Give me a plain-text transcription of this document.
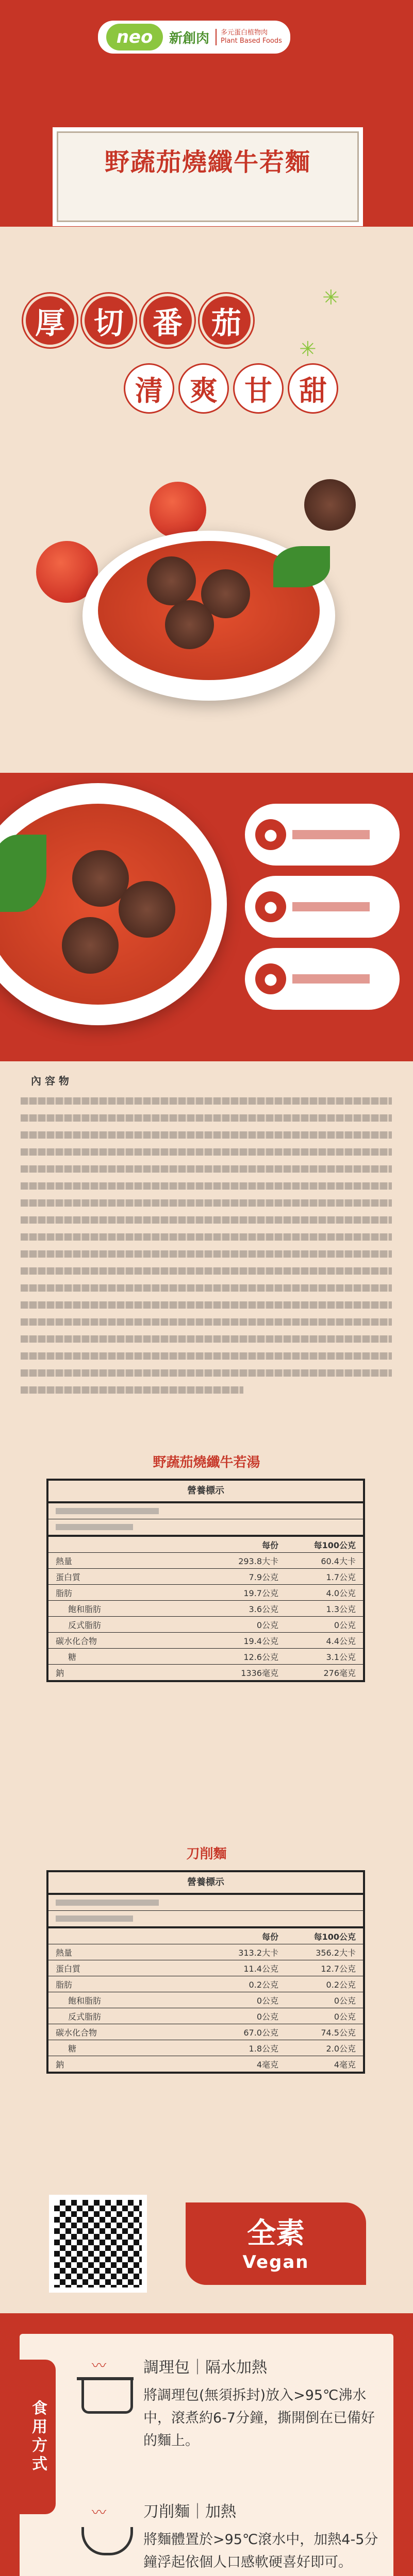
neo	新創肉 多元蛋白植物肉
Plant Based Foods
野蔬茄燒纖牛若麵
厚 切 番 茄
✳
✳
清 爽 甘 甜
●
●
●
內 容 物
野蔬茄燒纖牛若湯
營養標示
每份	每100公克
熱量	293.8大卡	60.4大卡
蛋白質	7.9公克	1.7公克
脂肪	19.7公克	4.0公克
飽和脂肪	3.6公克	1.3公克
反式脂肪	0公克	0公克
碳水化合物	19.4公克	4.4公克
糖	12.6公克	3.1公克
鈉	1336毫克	276毫克
刀削麵
營養標示
每份	每100公克
熱量	313.2大卡	356.2大卡
蛋白質	11.4公克	12.7公克
脂肪	0.2公克	0.2公克
飽和脂肪	0公克	0公克
反式脂肪	0公克	0公克
碳水化合物	67.0公克	74.5公克
糖	1.8公克	2.0公克
鈉	4毫克	4毫克
全素
Vegan
食用方式
〰 調理包｜隔水加熱
將調理包(無須拆封)放入>95℃沸水中，滾煮約6-7分鐘，撕開倒在已備好的麵上。
〰 刀削麵｜加熱
將麵體置於>95℃滾水中，加熱4-5分鐘浮起依個人口感軟硬喜好即可。
